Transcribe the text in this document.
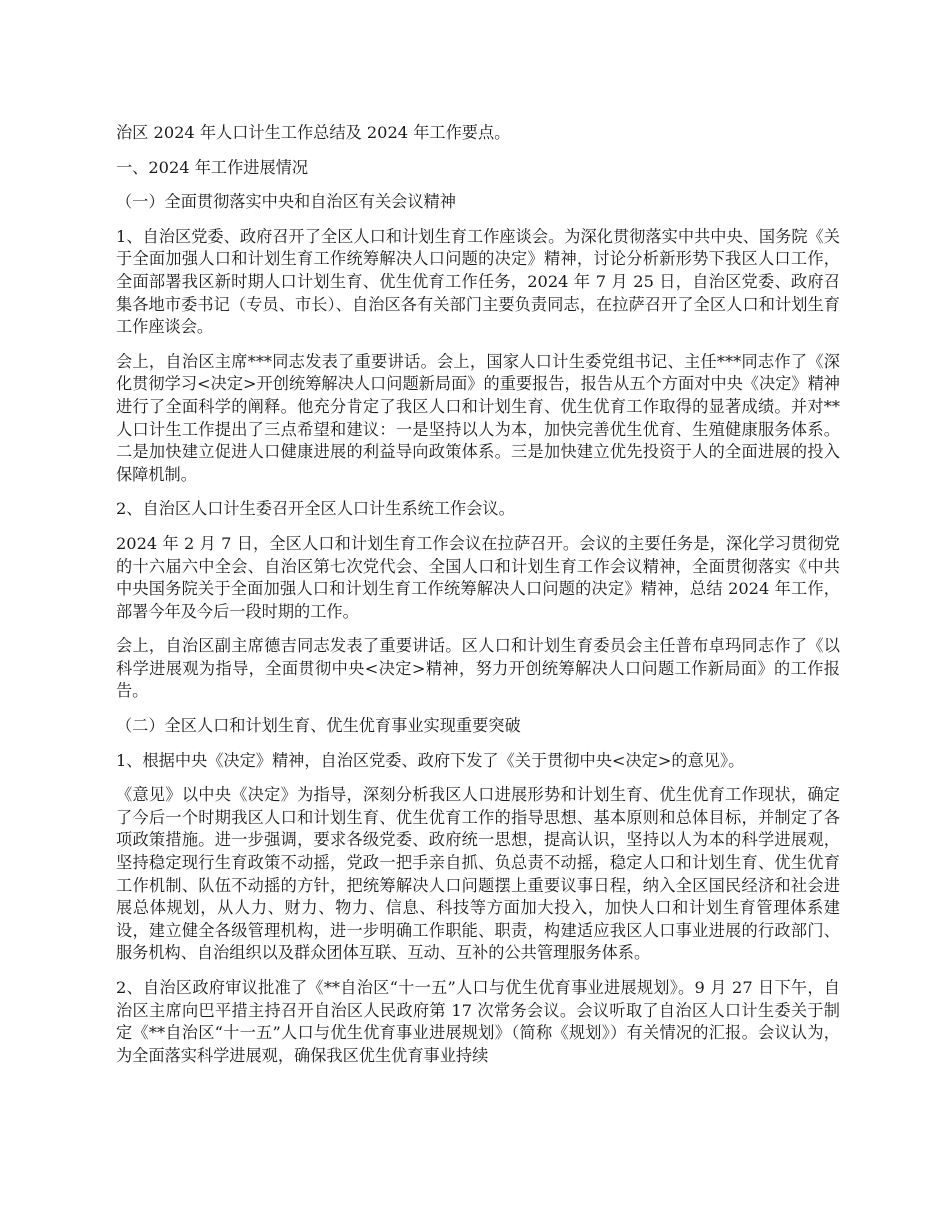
治区 2024 年人口计生工作总结及 2024 年工作要点。

一、2024 年工作进展情况

（一）全面贯彻落实中央和自治区有关会议精神

1、自治区党委、政府召开了全区人口和计划生育工作座谈会。为深化贯彻落实中共中央、国务院《关于全面加强人口和计划生育工作统筹解决人口问题的决定》精神，讨论分析新形势下我区人口工作，全面部署我区新时期人口计划生育、优生优育工作任务，2024 年 7 月 25 日，自治区党委、政府召集各地市委书记（专员、市长）、自治区各有关部门主要负责同志，在拉萨召开了全区人口和计划生育工作座谈会。

会上，自治区主席***同志发表了重要讲话。会上，国家人口计生委党组书记、主任***同志作了《深化贯彻学习<决定>开创统筹解决人口问题新局面》的重要报告，报告从五个方面对中央《决定》精神进行了全面科学的阐释。他充分肯定了我区人口和计划生育、优生优育工作取得的显著成绩。并对**人口计生工作提出了三点希望和建议：一是坚持以人为本，加快完善优生优育、生殖健康服务体系。二是加快建立促进人口健康进展的利益导向政策体系。三是加快建立优先投资于人的全面进展的投入保障机制。

2、自治区人口计生委召开全区人口计生系统工作会议。

2024 年 2 月 7 日，全区人口和计划生育工作会议在拉萨召开。会议的主要任务是，深化学习贯彻党的十六届六中全会、自治区第七次党代会、全国人口和计划生育工作会议精神，全面贯彻落实《中共中央国务院关于全面加强人口和计划生育工作统筹解决人口问题的决定》精神，总结 2024 年工作，部署今年及今后一段时期的工作。

会上，自治区副主席德吉同志发表了重要讲话。区人口和计划生育委员会主任普布卓玛同志作了《以科学进展观为指导，全面贯彻中央<决定>精神，努力开创统筹解决人口问题工作新局面》的工作报告。

（二）全区人口和计划生育、优生优育事业实现重要突破

1、根据中央《决定》精神，自治区党委、政府下发了《关于贯彻中央<决定>的意见》。

《意见》以中央《决定》为指导，深刻分析我区人口进展形势和计划生育、优生优育工作现状，确定了今后一个时期我区人口和计划生育、优生优育工作的指导思想、基本原则和总体目标，并制定了各项政策措施。进一步强调，要求各级党委、政府统一思想，提高认识，坚持以人为本的科学进展观，坚持稳定现行生育政策不动摇，党政一把手亲自抓、负总责不动摇，稳定人口和计划生育、优生优育工作机制、队伍不动摇的方针，把统筹解决人口问题摆上重要议事日程，纳入全区国民经济和社会进展总体规划，从人力、财力、物力、信息、科技等方面加大投入，加快人口和计划生育管理体系建设，建立健全各级管理机构，进一步明确工作职能、职责，构建适应我区人口事业进展的行政部门、服务机构、自治组织以及群众团体互联、互动、互补的公共管理服务体系。

2、自治区政府审议批准了《**自治区“十一五”人口与优生优育事业进展规划》。9 月 27 日下午，自治区主席向巴平措主持召开自治区人民政府第 17 次常务会议。会议听取了自治区人口计生委关于制定《**自治区“十一五”人口与优生优育事业进展规划》（简称《规划》）有关情况的汇报。会议认为，为全面落实科学进展观，确保我区优生优育事业持续
